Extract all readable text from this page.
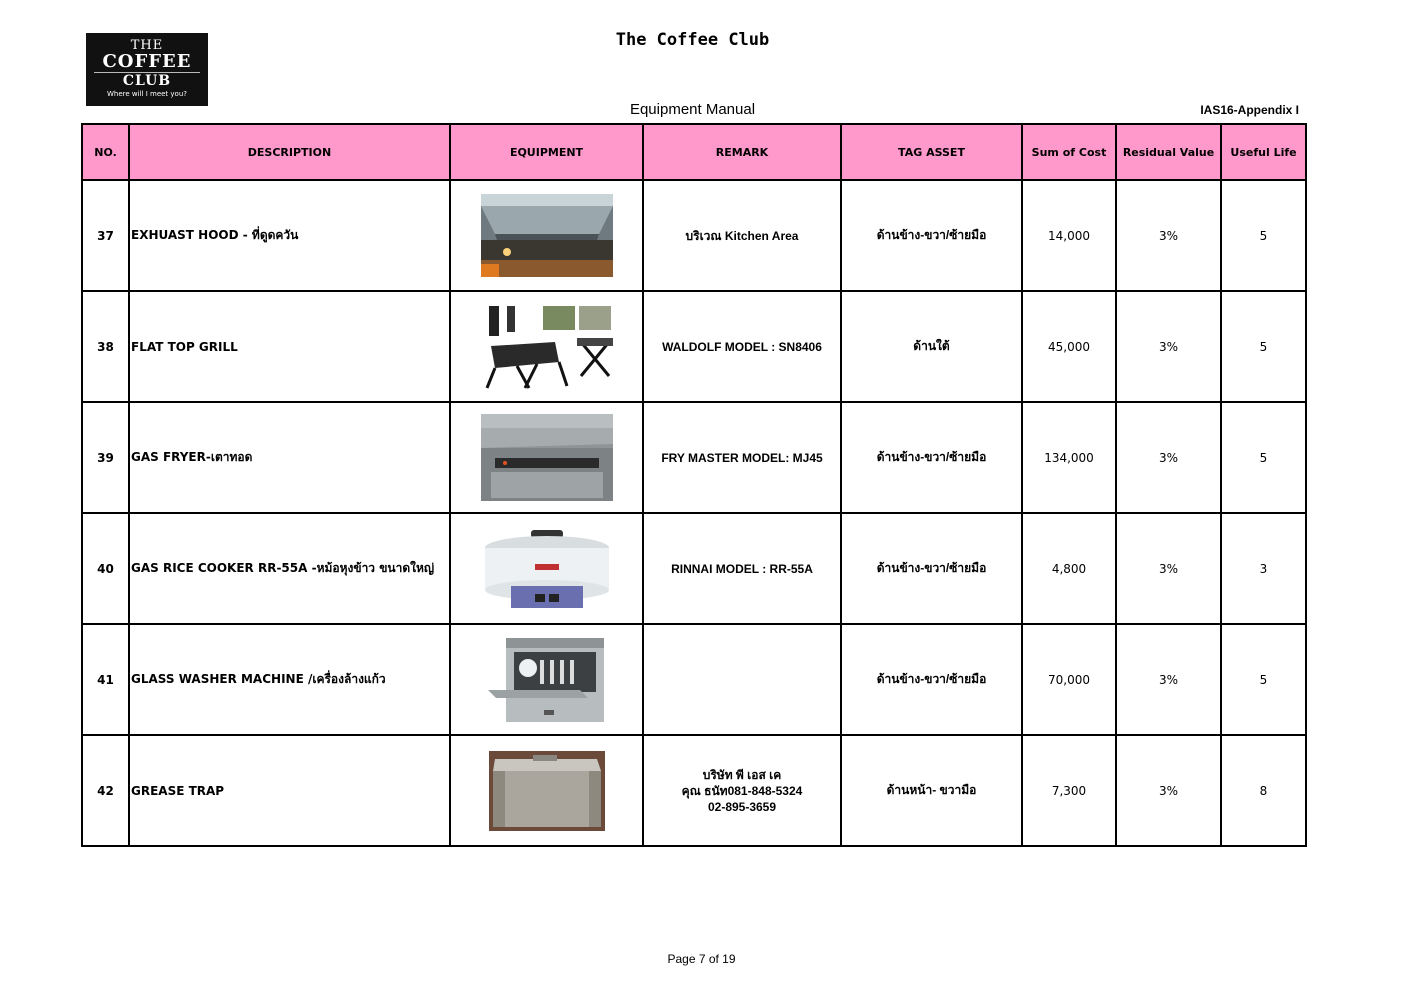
THE
COFFEE
CLUB
Where will I meet you?
The Coffee Club
Equipment Manual	IAS16-Appendix I
NO.	DESCRIPTION	EQUIPMENT	REMARK	TAG ASSET	Sum of Cost	Residual Value	Useful Life
37	EXHUAST HOOD - ที่ดูดควัน		บริเวณ Kitchen Area	ด้านข้าง-ขวา/ซ้ายมือ	14,000	3%	5
38	FLAT TOP GRILL		WALDOLF MODEL : SN8406	ด้านใต้	45,000	3%	5
39	GAS FRYER-เตาทอด		FRY MASTER MODEL: MJ45	ด้านข้าง-ขวา/ซ้ายมือ	134,000	3%	5
40	GAS RICE COOKER RR-55A -หม้อหุงข้าว ขนาดใหญ่		RINNAI MODEL : RR-55A	ด้านข้าง-ขวา/ซ้ายมือ	4,800	3%	3
41	GLASS WASHER MACHINE /เครื่องล้างแก้ว			ด้านข้าง-ขวา/ซ้ายมือ	70,000	3%	5
42	GREASE TRAP		บริษัท พี เอส เค
คุณ ธนัท081-848-5324
02-895-3659	ด้านหน้า- ขวามือ	7,300	3%	8
Page 7 of 19
